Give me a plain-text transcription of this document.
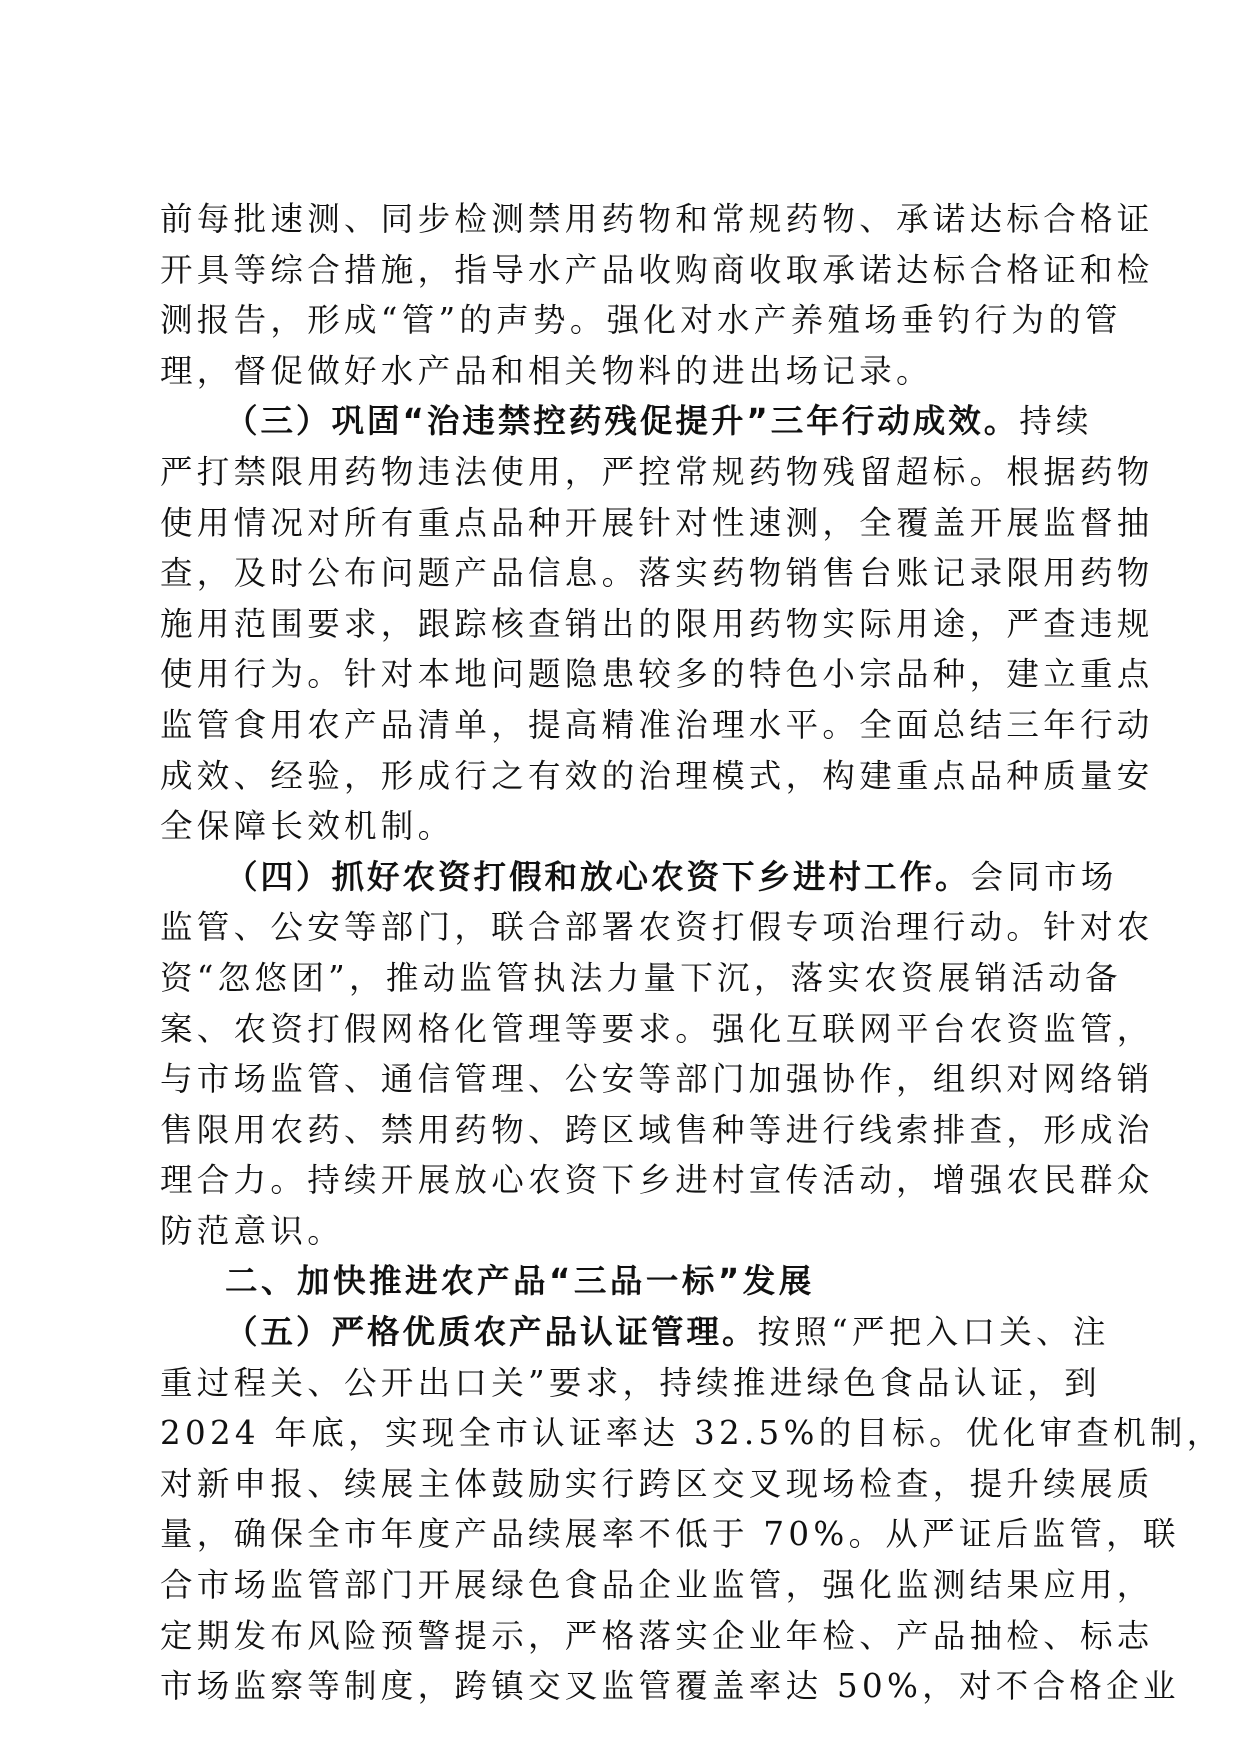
前每批速测、同步检测禁用药物和常规药物、承诺达标合格证
开具等综合措施，指导水产品收购商收取承诺达标合格证和检
测报告，形成“管”的声势。强化对水产养殖场垂钓行为的管
理，督促做好水产品和相关物料的进出场记录。
（三）巩固“治违禁控药残促提升”三年行动成效。持续
严打禁限用药物违法使用，严控常规药物残留超标。根据药物
使用情况对所有重点品种开展针对性速测，全覆盖开展监督抽
查，及时公布问题产品信息。落实药物销售台账记录限用药物
施用范围要求，跟踪核查销出的限用药物实际用途，严查违规
使用行为。针对本地问题隐患较多的特色小宗品种，建立重点
监管食用农产品清单，提高精准治理水平。全面总结三年行动
成效、经验，形成行之有效的治理模式，构建重点品种质量安
全保障长效机制。
（四）抓好农资打假和放心农资下乡进村工作。会同市场
监管、公安等部门，联合部署农资打假专项治理行动。针对农
资“忽悠团”，推动监管执法力量下沉，落实农资展销活动备
案、农资打假网格化管理等要求。强化互联网平台农资监管，
与市场监管、通信管理、公安等部门加强协作，组织对网络销
售限用农药、禁用药物、跨区域售种等进行线索排查，形成治
理合力。持续开展放心农资下乡进村宣传活动，增强农民群众
防范意识。
二、加快推进农产品“三品一标”发展
（五）严格优质农产品认证管理。按照“严把入口关、注
重过程关、公开出口关”要求，持续推进绿色食品认证，到
2024 年底，实现全市认证率达 32.5%的目标。优化审查机制，
对新申报、续展主体鼓励实行跨区交叉现场检查，提升续展质
量，确保全市年度产品续展率不低于 70%。从严证后监管，联
合市场监管部门开展绿色食品企业监管，强化监测结果应用，
定期发布风险预警提示，严格落实企业年检、产品抽检、标志
市场监察等制度，跨镇交叉监管覆盖率达 50%，对不合格企业
